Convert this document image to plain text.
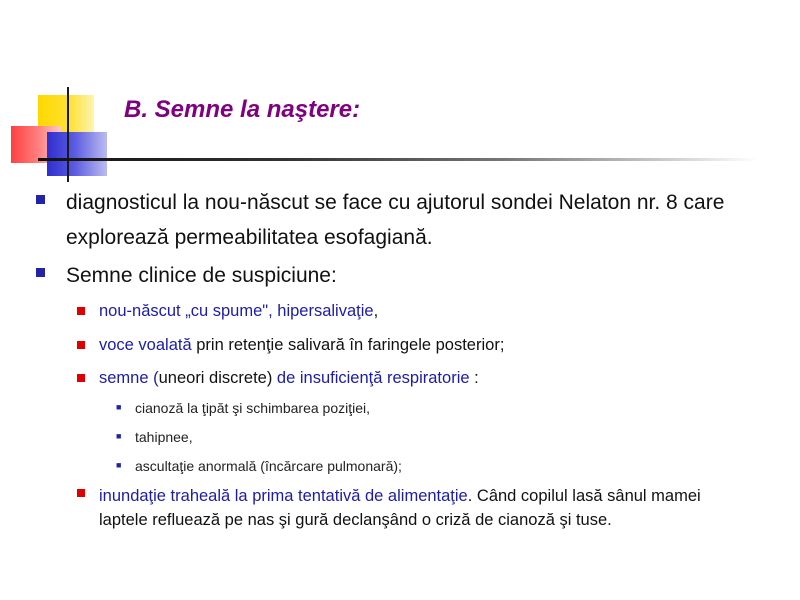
B. Semne la naştere:
diagnosticul la nou-născut se face cu ajutorul sondei Nelaton nr. 8 care
explorează permeabilitatea esofagiană.
Semne clinice de suspiciune:
nou-născut „cu spume", hipersalivaţie,
voce voalată prin retenţie salivară în faringele posterior;
semne (uneori discrete) de insuficienţă respiratorie :
■ cianoză la ţipăt şi schimbarea poziţiei,
■ tahipnee,
■ ascultaţie anormală (încărcare pulmonară);
inundaţie traheală la prima tentativă de alimentaţie. Când copilul lasă sânul mamei
laptele refluează pe nas şi gură declanşând o criză de cianoză şi tuse.
